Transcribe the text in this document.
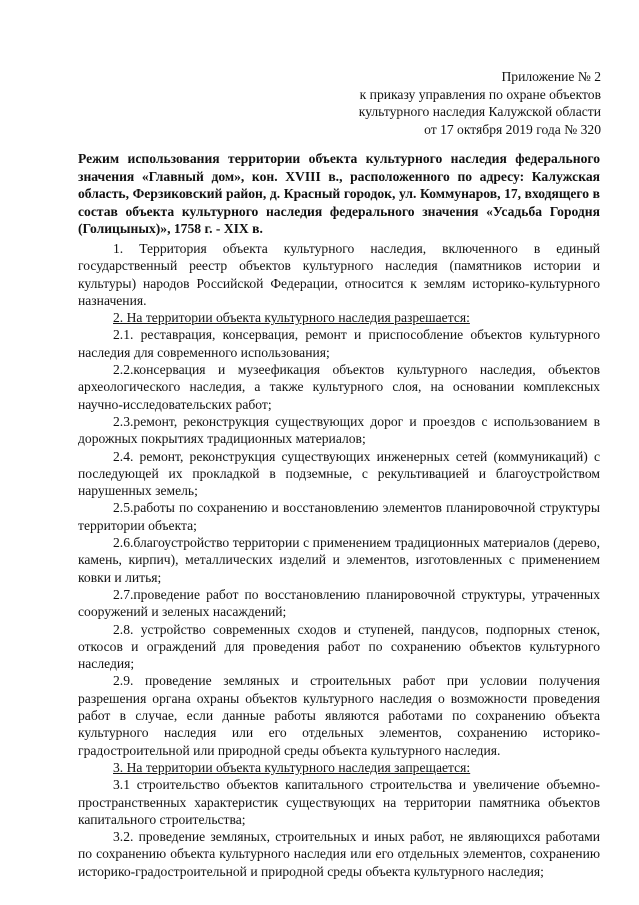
Приложение № 2
к приказу управления по охране объектов
культурного наследия Калужской области
от 17 октября 2019 года № 320
Режим использования территории объекта культурного наследия федерального значения «Главный дом», кон. XVIII в., расположенного по адресу: Калужская область, Ферзиковский район, д. Красный городок, ул. Коммунаров, 17, входящего в состав объекта культурного наследия федерального значения «Усадьба Городня (Голицыных)», 1758 г. - XIX в.

1. Территория объекта культурного наследия, включенного в единый государственный реестр объектов культурного наследия (памятников истории и культуры) народов Российской Федерации, относится к землям историко-культурного назначения.

2. На территории объекта культурного наследия разрешается:

2.1. реставрация, консервация, ремонт и приспособление объектов культурного наследия для современного использования;

2.2.консервация и музеефикация объектов культурного наследия, объектов археологического наследия, а также культурного слоя, на основании комплексных научно-исследовательских работ;

2.3.ремонт, реконструкция существующих дорог и проездов с использованием в дорожных покрытиях традиционных материалов;

2.4. ремонт, реконструкция существующих инженерных сетей (коммуникаций) с последующей их прокладкой в подземные, с рекультивацией и благоустройством нарушенных земель;

2.5.работы по сохранению и восстановлению элементов планировочной структуры территории объекта;

2.6.благоустройство территории с применением традиционных материалов (дерево, камень, кирпич), металлических изделий и элементов, изготовленных с применением ковки и литья;

2.7.проведение работ по восстановлению планировочной структуры, утраченных сооружений и зеленых насаждений;

2.8. устройство современных сходов и ступеней, пандусов, подпорных стенок, откосов и ограждений для проведения работ по сохранению объектов культурного наследия;

2.9. проведение земляных и строительных работ при условии получения разрешения органа охраны объектов культурного наследия о возможности проведения работ в случае, если данные работы являются работами по сохранению объекта культурного наследия или его отдельных элементов, сохранению историко-градостроительной или природной среды объекта культурного наследия.

3. На территории объекта культурного наследия запрещается:

3.1 строительство объектов капитального строительства и увеличение объемно-пространственных характеристик существующих на территории памятника объектов капитального строительства;

3.2. проведение земляных, строительных и иных работ, не являющихся работами по сохранению объекта культурного наследия или его отдельных элементов, сохранению историко-градостроительной и природной среды объекта культурного наследия;
